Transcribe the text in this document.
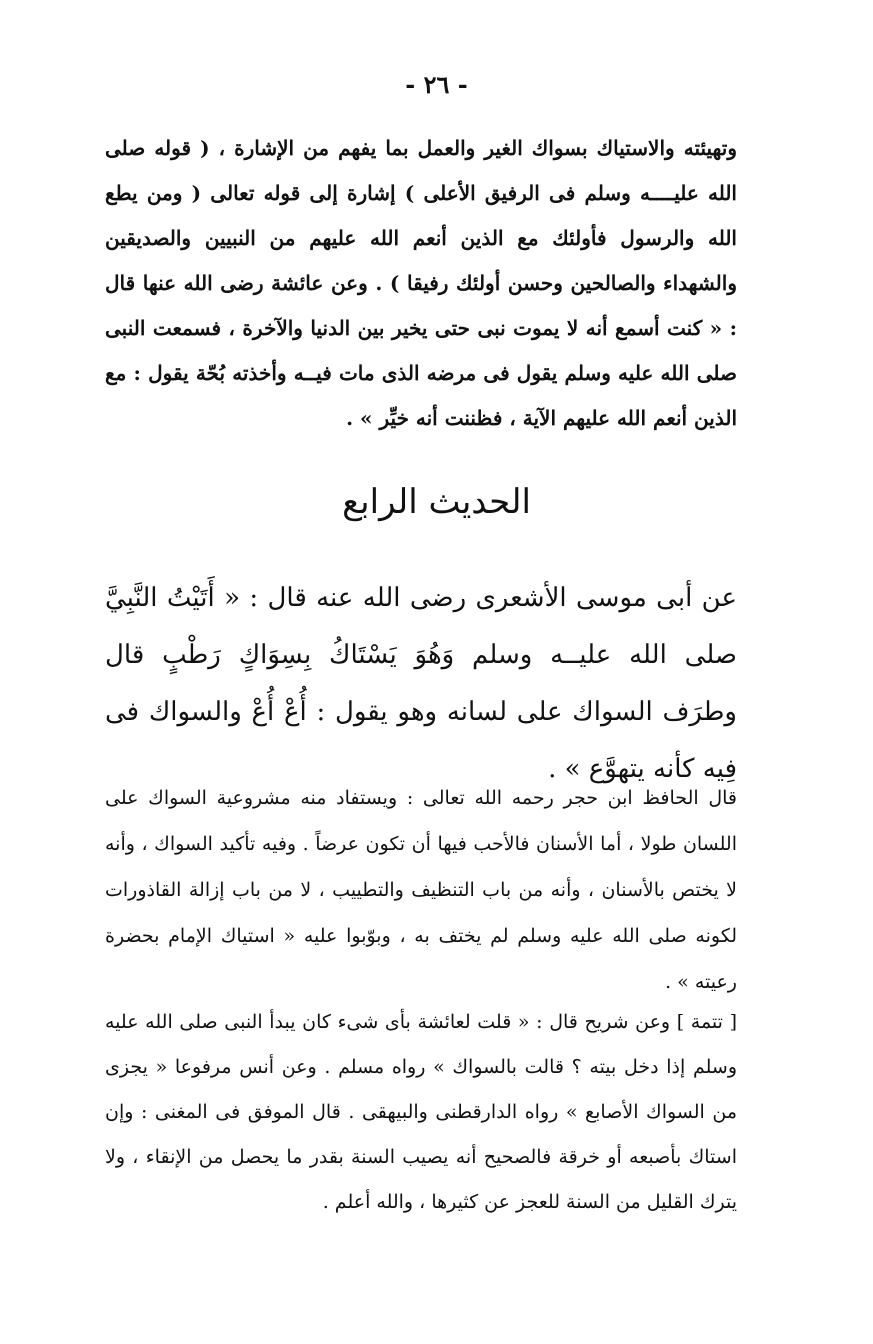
- ٢٦ -
وتهيئته والاستياك بسواك الغير والعمل بما يفهم من الإشارة ، ( قوله صلى الله عليــــه وسلم فى الرفيق الأعلى ) إشارة إلى قوله تعالى ( ومن يطع الله والرسول فأولئك مع الذين أنعم الله عليهم من النبيين والصديقين والشهداء والصالحين وحسن أولئك رفيقا ) . وعن عائشة رضى الله عنها قال : « كنت أسمع أنه لا يموت نبى حتى يخير بين الدنيا والآخرة ، فسمعت النبى صلى الله عليه وسلم يقول فى مرضه الذى مات فيــه وأخذته بُحّة يقول : مع الذين أنعم الله عليهم الآية ، فظننت أنه خيِّر » .
الحديث الرابع
عن أبى موسى الأشعرى رضى الله عنه قال : « أَتَيْتُ النَّبِيَّ صلى الله عليــه وسلم وَهُوَ يَسْتَاكُ بِسِوَاكٍ رَطْبٍ قال وطرَف السواك على لسانه وهو يقول : أُعْ أُعْ والسواك فى فِيه كأنه يتهوَّع » .
قال الحافظ ابن حجر رحمه الله تعالى : ويستفاد منه مشروعية السواك على اللسان طولا ، أما الأسنان فالأحب فيها أن تكون عرضاً . وفيه تأكيد السواك ، وأنه لا يختص بالأسنان ، وأنه من باب التنظيف والتطييب ، لا من باب إزالة القاذورات لكونه صلى الله عليه وسلم لم يختف به ، وبوّبوا عليه « استياك الإمام بحضرة رعيته » .
[ تتمة ] وعن شريح قال : « قلت لعائشة بأى شىء كان يبدأ النبى صلى الله عليه وسلم إذا دخل بيته ؟ قالت بالسواك » رواه مسلم . وعن أنس مرفوعا « يجزى من السواك الأصابع » رواه الدارقطنى والبيهقى . قال الموفق فى المغنى : وإن استاك بأصبعه أو خرقة فالصحيح أنه يصيب السنة بقدر ما يحصل من الإنقاء ، ولا يترك القليل من السنة للعجز عن كثيرها ، والله أعلم .
